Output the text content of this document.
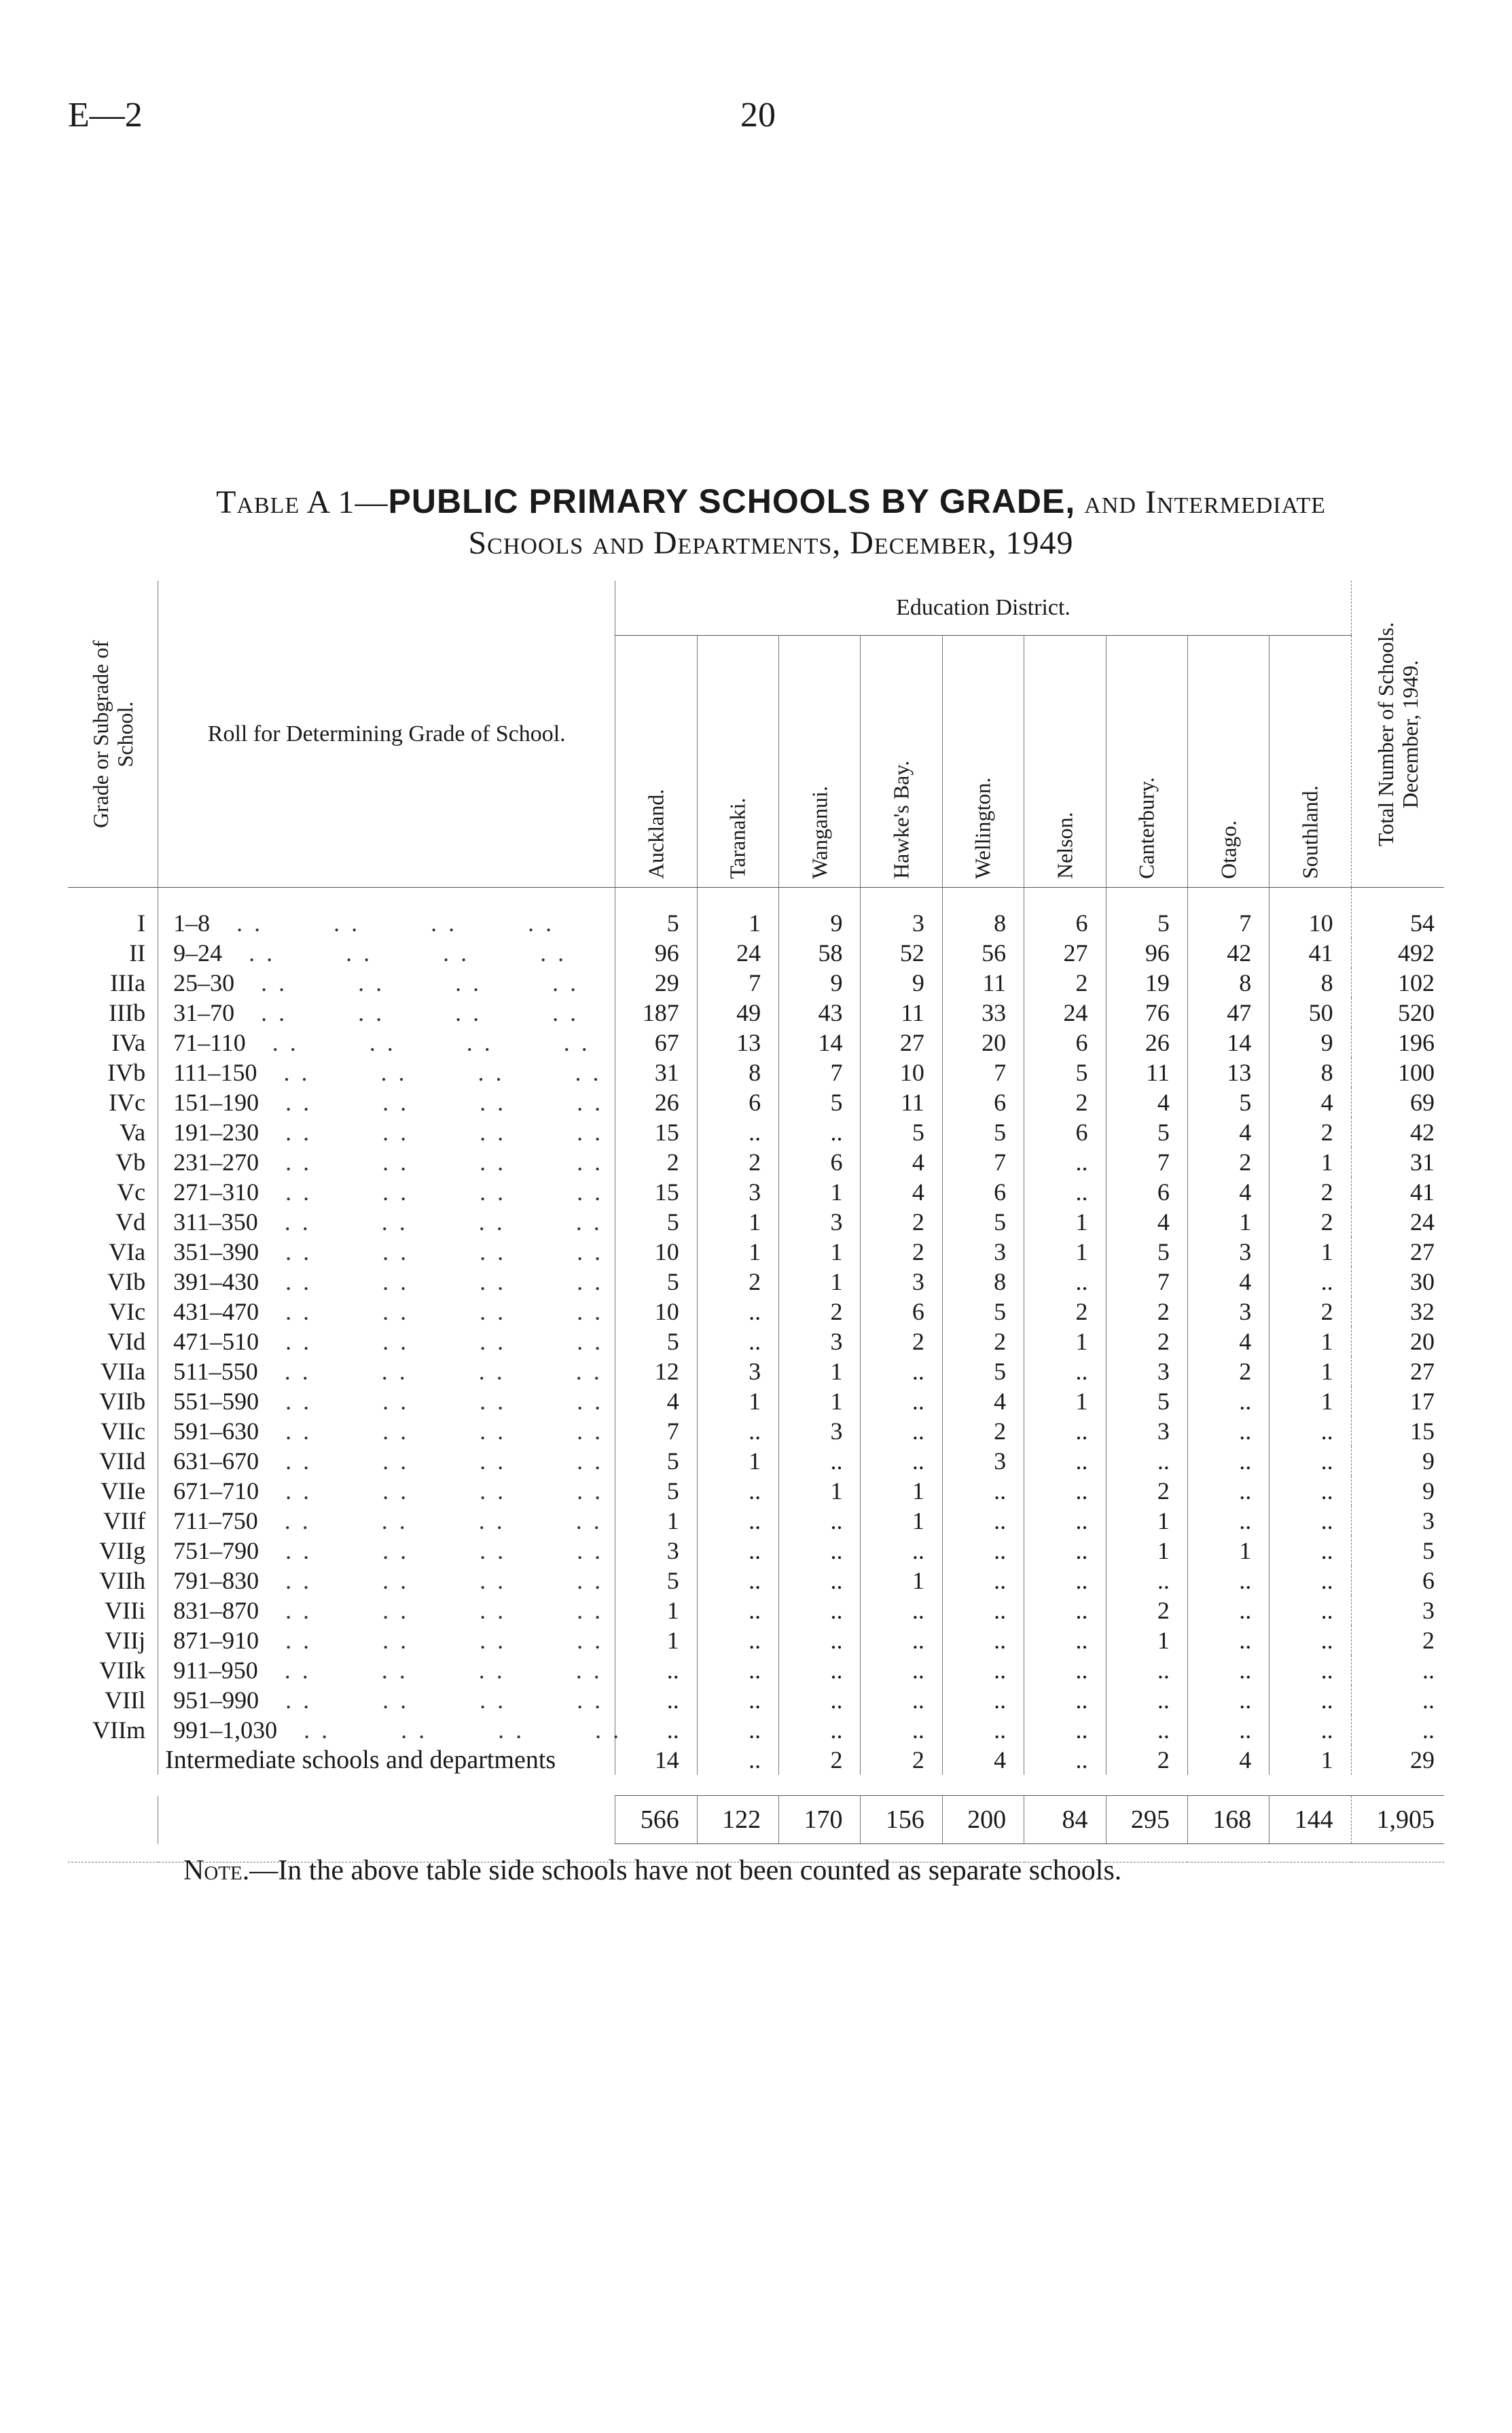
E—2	20
Table A 1—PUBLIC PRIMARY SCHOOLS BY GRADE, and Intermediate
Schools and Departments, December, 1949
Grade or Subgrade of School.	Roll for Determining Grade of School.	Education District.									Total Number of Schools. December, 1949.

		Auckland.	Taranaki.	Wanganui.	Hawke's Bay.	Wellington.	Nelson.	Canterbury.	Otago.	Southland.	

I	1–8   . .        . .        . .        . .	5	1	9	3	8	6	5	7	10	54
II	9–24   . .        . .        . .        . .	96	24	58	52	56	27	96	42	41	492
IIIa	25–30   . .        . .        . .        . .	29	7	9	9	11	2	19	8	8	102
IIIb	31–70   . .        . .        . .        . .	187	49	43	11	33	24	76	47	50	520
IVa	71–110   . .        . .        . .        . .	67	13	14	27	20	6	26	14	9	196
IVb	111–150   . .        . .        . .        . .	31	8	7	10	7	5	11	13	8	100
IVc	151–190   . .        . .        . .        . .	26	6	5	11	6	2	4	5	4	69
Va	191–230   . .        . .        . .        . .	15	..	..	5	5	6	5	4	2	42
Vb	231–270   . .        . .        . .        . .	2	2	6	4	7	..	7	2	1	31
Vc	271–310   . .        . .        . .        . .	15	3	1	4	6	..	6	4	2	41
Vd	311–350   . .        . .        . .        . .	5	1	3	2	5	1	4	1	2	24
VIa	351–390   . .        . .        . .        . .	10	1	1	2	3	1	5	3	1	27
VIb	391–430   . .        . .        . .        . .	5	2	1	3	8	..	7	4	..	30
VIc	431–470   . .        . .        . .        . .	10	..	2	6	5	2	2	3	2	32
VId	471–510   . .        . .        . .        . .	5	..	3	2	2	1	2	4	1	20
VIIa	511–550   . .        . .        . .        . .	12	3	1	..	5	..	3	2	1	27
VIIb	551–590   . .        . .        . .        . .	4	1	1	..	4	1	5	..	1	17
VIIc	591–630   . .        . .        . .        . .	7	..	3	..	2	..	3	..	..	15
VIId	631–670   . .        . .        . .        . .	5	1	..	..	3	..	..	..	..	9
VIIe	671–710   . .        . .        . .        . .	5	..	1	1	..	..	2	..	..	9
VIIf	711–750   . .        . .        . .        . .	1	..	..	1	..	..	1	..	..	3
VIIg	751–790   . .        . .        . .        . .	3	..	..	..	..	..	1	1	..	5
VIIh	791–830   . .        . .        . .        . .	5	..	..	1	..	..	..	..	..	6
VIIi	831–870   . .        . .        . .        . .	1	..	..	..	..	..	2	..	..	3
VIIj	871–910   . .        . .        . .        . .	1	..	..	..	..	..	1	..	..	2
VIIk	911–950   . .        . .        . .        . .	..	..	..	..	..	..	..	..	..	..
VIIl	951–990   . .        . .        . .        . .	..	..	..	..	..	..	..	..	..	..
VIIm	991–1,030   . .        . .        . .        . .	..	..	..	..	..	..	..	..	..	..
	Intermediate schools and departments	14	..	2	2	4	..	2	4	1	29

		566	122	170	156	200	84	295	168	144	1,905

Note.—In the above table side schools have not been counted as separate schools.
